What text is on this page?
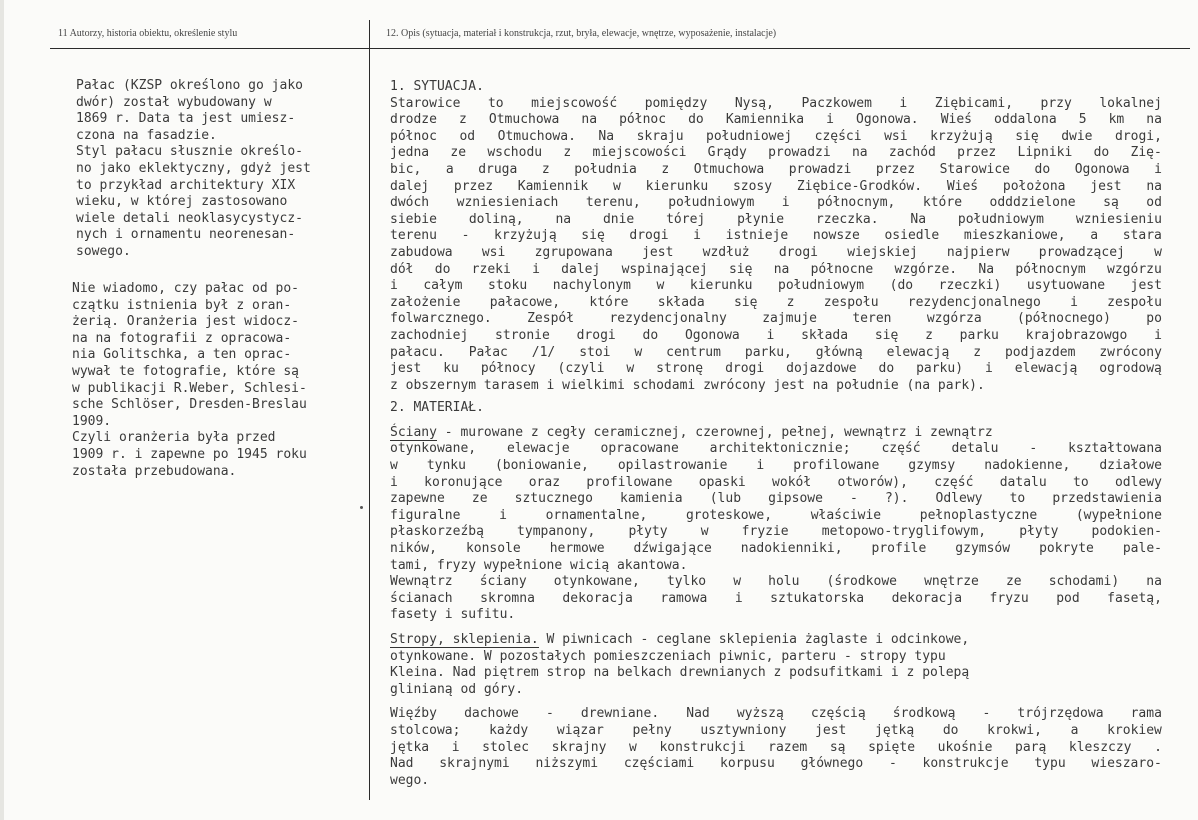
11 Autorzy, historia obiektu, określenie stylu	12. Opis (sytuacja, materiał i konstrukcja, rzut, bryła, elewacje, wnętrze, wyposażenie, instalacje)
Pałac (KZSP określono go jako
dwór) został wybudowany w
1869 r. Data ta jest umiesz-
czona na fasadzie.
Styl pałacu słusznie określo-
no jako eklektyczny, gdyż jest
to przykład architektury XIX
wieku, w której zastosowano
wiele detali neoklasycystycz-
nych i ornamentu neorenesan-
sowego.
Nie wiadomo, czy pałac od po-
czątku istnienia był z oran-
żerią. Oranżeria jest widocz-
na na fotografii z opracowa-
nia Golitschka, a ten oprac-
wywał te fotografie, które są
w publikacji R.Weber, Schlesi-
sche Schlöser, Dresden-Breslau
1909.
Czyli oranżeria była przed
1909 r. i zapewne po 1945 roku
została przebudowana.
1. SYTUACJA.
Starowice to miejscowość pomiędzy Nysą, Paczkowem i Ziębicami, przy lokalnej
drodze z Otmuchowa na północ do Kamiennika i Ogonowa. Wieś oddalona 5 km na
północ od Otmuchowa. Na skraju południowej części wsi krzyżują się dwie drogi,
jedna ze wschodu z miejscowości Grądy prowadzi na zachód przez Lipniki do Zię-
bic, a druga z południa z Otmuchowa prowadzi przez Starowice do Ogonowa i
dalej przez Kamiennik w kierunku szosy Ziębice-Grodków. Wieś położona jest na
dwóch wzniesieniach terenu, południowym i północnym, które odddzielone są od
siebie doliną, na dnie tórej płynie rzeczka. Na południowym wzniesieniu
terenu - krzyżują się drogi i istnieje nowsze osiedle mieszkaniowe, a stara
zabudowa wsi zgrupowana jest wzdłuż drogi wiejskiej najpierw prowadzącej w
dół do rzeki i dalej wspinającej się na północne wzgórze. Na północnym wzgórzu
i całym stoku nachylonym w kierunku południowym (do rzeczki) usytuowane jest
założenie pałacowe, które składa się z zespołu rezydencjonalnego i zespołu
folwarcznego.	Zespół	rezydencjonalny	zajmuje	teren	wzgórza	(północnego)	po
zachodniej stronie drogi do Ogonowa i składa się z parku krajobrazowgo i
pałacu. Pałac /1/ stoi w centrum parku, główną elewacją z podjazdem zwrócony
jest ku północy (czyli w stronę drogi dojazdowe do parku) i elewacją ogrodową
z obszernym tarasem i wielkimi schodami zwrócony jest na południe (na park).
2. MATERIAŁ.
Ściany - murowane z cegły ceramicznej, czerownej, pełnej, wewnątrz i zewnątrz
otynkowane, elewacje opracowane architektonicznie; część detalu - kształtowana
w tynku (boniowanie, opilastrowanie i profilowane gzymsy nadokienne, działowe
i koronujące oraz profilowane opaski wokół otworów), część datalu to odlewy
zapewne ze sztucznego kamienia (lub gipsowe - ?). Odlewy to przedstawienia
figuralne	i	ornamentalne,	groteskowe,	właściwie	pełnoplastyczne	(wypełnione
płaskorzeźbą	tympanony,	płyty	w	fryzie	metopowo-tryglifowym,	płyty	podokien-
ników, konsole hermowe dźwigające nadokienniki, profile gzymsów pokryte pale-
tami, fryzy wypełnione wicią akantowa.
Wewnątrz ściany otynkowane, tylko w holu (środkowe wnętrze ze schodami) na
ścianach skromna dekoracja ramowa i sztukatorska dekoracja fryzu pod fasetą,
fasety i sufitu.
Stropy, sklepienia. W piwnicach - ceglane sklepienia żaglaste i odcinkowe,
otynkowane. W pozostałych pomieszczeniach piwnic, parteru - stropy typu
Kleina. Nad piętrem strop na belkach drewnianych z podsufitkami i z polepą
glinianą od góry.
Więźby dachowe - drewniane. Nad wyższą częścią środkową - trójrzędowa rama
stolcowa; każdy wiązar pełny usztywniony jest jętką do krokwi, a krokiew
jętka i stolec skrajny w konstrukcji razem są spięte ukośnie parą kleszczy .
Nad skrajnymi niższymi częściami korpusu głównego - konstrukcje typu wieszaro-
wego.
